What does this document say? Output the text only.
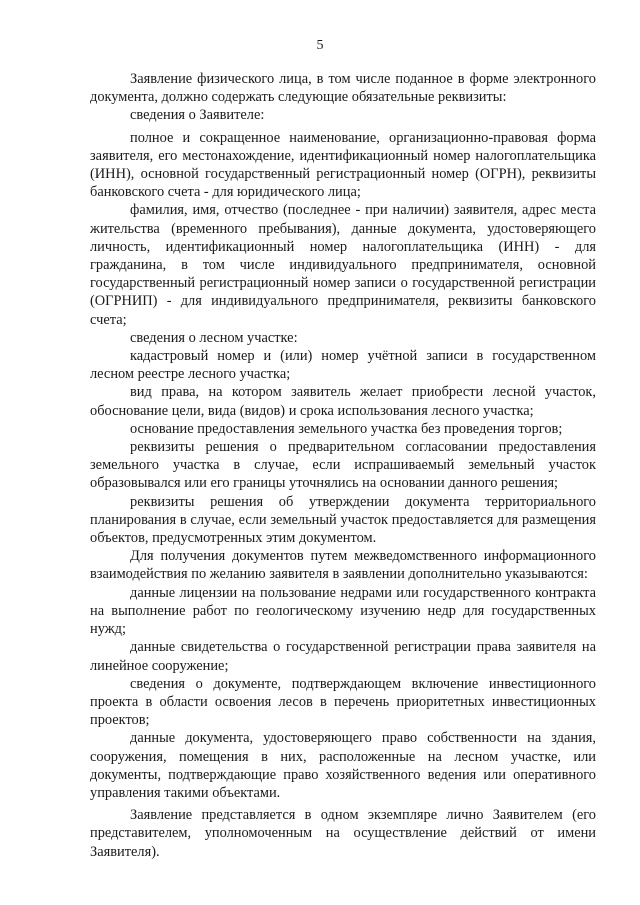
5

Заявление физического лица, в том числе поданное в форме электронного документа, должно содержать следующие обязательные реквизиты:

сведения о Заявителе:

полное и сокращенное наименование, организационно-правовая форма заявителя, его местонахождение, идентификационный номер налогоплательщика (ИНН), основной государственный регистрационный номер (ОГРН), реквизиты банковского счета - для юридического лица;

фамилия, имя, отчество (последнее - при наличии) заявителя, адрес места жительства (временного пребывания), данные документа, удостоверяющего личность, идентификационный номер налогоплательщика (ИНН) - для гражданина, в том числе индивидуального предпринимателя, основной государственный регистрационный номер записи о государственной регистрации (ОГРНИП) - для индивидуального предпринимателя, реквизиты банковского счета;

сведения о лесном участке:

кадастровый номер и (или) номер учётной записи в государственном лесном реестре лесного участка;

вид права, на котором заявитель желает приобрести лесной участок, обоснование цели, вида (видов) и срока использования лесного участка;

основание предоставления земельного участка без проведения торгов;

реквизиты решения о предварительном согласовании предоставления земельного участка в случае, если испрашиваемый земельный участок образовывался или его границы уточнялись на основании данного решения;

реквизиты решения об утверждении документа территориального планирования в случае, если земельный участок предоставляется для размещения объектов, предусмотренных этим документом.

Для получения документов путем межведомственного информационного взаимодействия по желанию заявителя в заявлении дополнительно указываются:

данные лицензии на пользование недрами или государственного контракта на выполнение работ по геологическому изучению недр для государственных нужд;

данные свидетельства о государственной регистрации права заявителя на линейное сооружение;

сведения о документе, подтверждающем включение инвестиционного проекта в области освоения лесов в перечень приоритетных инвестиционных проектов;

данные документа, удостоверяющего право собственности на здания, сооружения, помещения в них, расположенные на лесном участке, или документы, подтверждающие право хозяйственного ведения или оперативного управления такими объектами.

Заявление представляется в одном экземпляре лично Заявителем (его представителем, уполномоченным на осуществление действий от имени Заявителя).
